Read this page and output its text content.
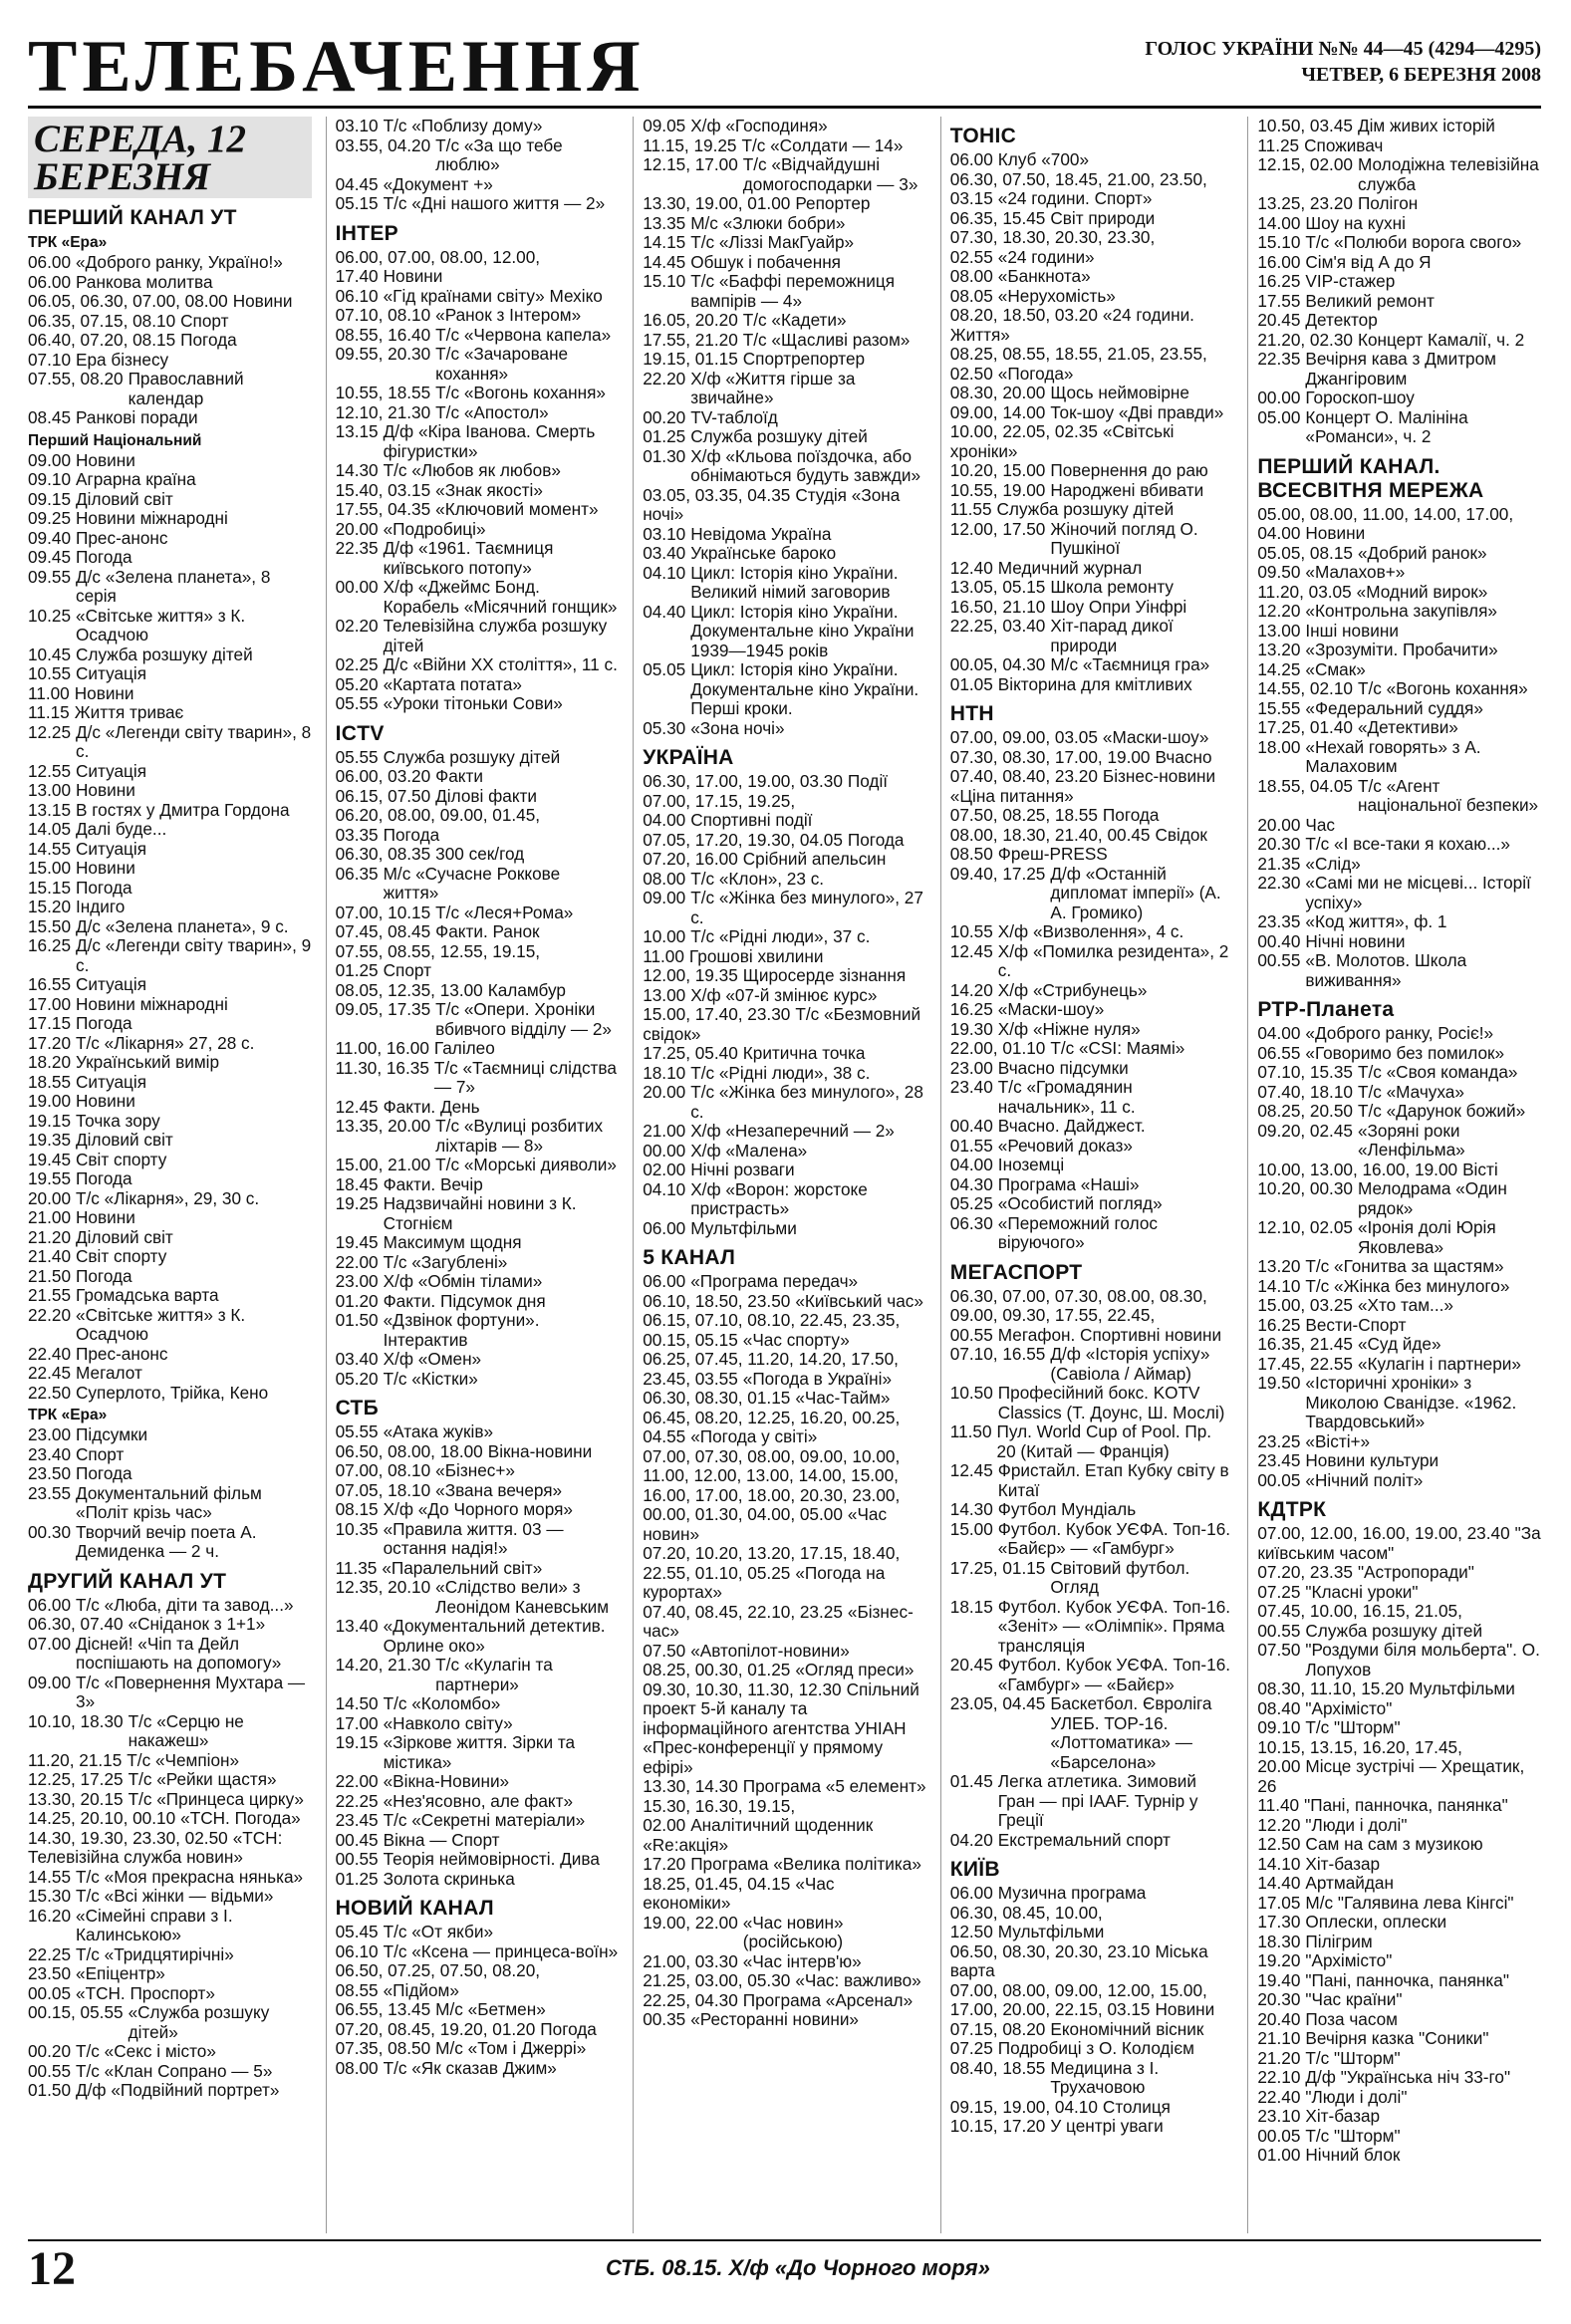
ТЕЛЕБАЧЕННЯ	ГОЛОС УКРАЇНИ №№ 44—45 (4294—4295)
ЧЕТВЕР, 6 БЕРЕЗНЯ 2008
СЕРЕДА, 12 БЕРЕЗНЯ
ПЕРШИЙ КАНАЛ УТ
ТРК «Ера»
06.00 «Доброго ранку, Україно!»
06.00 Ранкова молитва
06.05, 06.30, 07.00, 08.00 Новини
06.35, 07.15, 08.10 Спорт
06.40, 07.20, 08.15 Погода
07.10 Ера бізнесу
07.55, 08.20 Православний календар
08.45 Ранкові поради
Перший Національний
09.00 Новини
09.10 Аграрна країна
09.15 Діловий світ
09.25 Новини міжнародні
09.40 Прес-анонс
09.45 Погода
09.55 Д/с «Зелена планета», 8 серія
10.25 «Світське життя» з К. Осадчою
10.45 Служба розшуку дітей
10.55 Ситуація
11.00 Новини
11.15 Життя триває
12.25 Д/с «Легенди світу тварин», 8 с.
12.55 Ситуація
13.00 Новини
13.15 В гостях у Дмитра Гордона
14.05 Далі буде...
14.55 Ситуація
15.00 Новини
15.15 Погода
15.20 Індиго
15.50 Д/с «Зелена планета», 9 с.
16.25 Д/с «Легенди світу тварин», 9 с.
16.55 Ситуація
17.00 Новини міжнародні
17.15 Погода
17.20 Т/с «Лікарня» 27, 28 с.
18.20 Український вимір
18.55 Ситуація
19.00 Новини
19.15 Точка зору
19.35 Діловий світ
19.45 Світ спорту
19.55 Погода
20.00 Т/с «Лікарня», 29, 30 с.
21.00 Новини
21.20 Діловий світ
21.40 Світ спорту
21.50 Погода
21.55 Громадська варта
22.20 «Світське життя» з К. Осадчою
22.40 Прес-анонс
22.45 Мегалот
22.50 Суперлото, Трійка, Кено
ТРК «Ера»
23.00 Підсумки
23.40 Спорт
23.50 Погода
23.55 Документальний фільм «Політ крізь час»
00.30 Творчий вечір поета А. Демиденка — 2 ч.
ДРУГИЙ КАНАЛ УТ
06.00 Т/с «Люба, діти та завод...»
06.30, 07.40 «Сніданок з 1+1»
07.00 Дісней! «Чіп та Дейл поспішають на допомогу»
09.00 Т/с «Повернення Мухтара — 3»
10.10, 18.30 Т/с «Серцю не накажеш»
11.20, 21.15 Т/с «Чемпіон»
12.25, 17.25 Т/с «Рейки щастя»
13.30, 20.15 Т/с «Принцеса цирку»
14.25, 20.10, 00.10 «ТСН. Погода»
14.30, 19.30, 23.30, 02.50 «ТСН: Телевізійна служба новин»
14.55 Т/с «Моя прекрасна нянька»
15.30 Т/с «Всі жінки — відьми»
16.20 «Сімейні справи з І. Калинською»
22.25 Т/с «Тридцятирічні»
23.50 «Епіцентр»
00.05 «ТСН. Проспорт»
00.15, 05.55 «Служба розшуку дітей»
00.20 Т/с «Секс і місто»
00.55 Т/с «Клан Сопрано — 5»
01.50 Д/ф «Подвійний портрет»
03.10 Т/с «Поблизу дому»
03.55, 04.20 Т/с «За що тебе люблю»
04.45 «Документ +»
05.15 Т/с «Дні нашого життя — 2»
ІНТЕР
06.00, 07.00, 08.00, 12.00, 17.40 Новини
06.10 «Гід країнами світу» Мехіко
07.10, 08.10 «Ранок з Інтером»
08.55, 16.40 Т/с «Червона капела»
09.55, 20.30 Т/с «Зачароване кохання»
10.55, 18.55 Т/с «Вогонь кохання»
12.10, 21.30 Т/с «Апостол»
13.15 Д/ф «Кіра Іванова. Смерть фігуристки»
14.30 Т/с «Любов як любов»
15.40, 03.15 «Знак якості»
17.55, 04.35 «Ключовий момент»
20.00 «Подробиці»
22.35 Д/ф «1961. Таємниця київського потопу»
00.00 Х/ф «Джеймс Бонд. Корабель «Місячний гонщик»
02.20 Телевізійна служба розшуку дітей
02.25 Д/с «Війни XX століття», 11 с.
05.20 «Картата потата»
05.55 «Уроки тітоньки Сови»
ICTV
05.55 Служба розшуку дітей
06.00, 03.20 Факти
06.15, 07.50 Ділові факти
06.20, 08.00, 09.00, 01.45, 03.35 Погода
06.30, 08.35 300 сек/год
06.35 М/с «Сучасне Роккове життя»
07.00, 10.15 Т/с «Леся+Рома»
07.45, 08.45 Факти. Ранок
07.55, 08.55, 12.55, 19.15, 01.25 Спорт
08.05, 12.35, 13.00 Каламбур
09.05, 17.35 Т/с «Опери. Хроніки вбивчого відділу — 2»
11.00, 16.00 Галілео
11.30, 16.35 Т/с «Таємниці слідства — 7»
12.45 Факти. День
13.35, 20.00 Т/с «Вулиці розбитих ліхтарів — 8»
15.00, 21.00 Т/с «Морські дияволи»
18.45 Факти. Вечір
19.25 Надзвичайні новини з К. Стогнієм
19.45 Максимум щодня
22.00 Т/с «Загублені»
23.00 Х/ф «Обмін тілами»
01.20 Факти. Підсумок дня
01.50 «Дзвінок фортуни». Інтерактив
03.40 Х/ф «Омен»
05.20 Т/с «Кістки»
СТБ
05.55 «Атака жуків»
06.50, 08.00, 18.00 Вікна-новини
07.00, 08.10 «Бізнес+»
07.05, 18.10 «Звана вечеря»
08.15 Х/ф «До Чорного моря»
10.35 «Правила життя. 03 — остання надія!»
11.35 «Паралельний світ»
12.35, 20.10 «Слідство вели» з Леонідом Каневським
13.40 «Документальний детектив. Орлине око»
14.20, 21.30 Т/с «Кулагін та партнери»
14.50 Т/с «Коломбо»
17.00 «Навколо світу»
19.15 «Зіркове життя. Зірки та містика»
22.00 «Вікна-Новини»
22.25 «Нез'ясовно, але факт»
23.45 Т/с «Секретні матеріали»
00.45 Вікна — Спорт
00.55 Теорія неймовірності. Дива
01.25 Золота скринька
НОВИЙ КАНАЛ
05.45 Т/с «От якби»
06.10 Т/с «Ксена — принцеса-воїн»
06.50, 07.25, 07.50, 08.20, 08.55 «Підйом»
06.55, 13.45 М/с «Бетмен»
07.20, 08.45, 19.20, 01.20 Погода
07.35, 08.50 М/с «Том і Джеррі»
08.00 Т/с «Як сказав Джим»
09.05 Х/ф «Господиня»
11.15, 19.25 Т/с «Солдати — 14»
12.15, 17.00 Т/с «Відчайдушні домогосподарки — 3»
13.30, 19.00, 01.00 Репортер
13.35 М/с «Злюки бобри»
14.15 Т/с «Ліззі МакГуайр»
14.45 Обшук і побачення
15.10 Т/с «Баффі переможниця вампірів — 4»
16.05, 20.20 Т/с «Кадети»
17.55, 21.20 Т/с «Щасливі разом»
19.15, 01.15 Спортрепортер
22.20 Х/ф «Життя гірше за звичайне»
00.20 TV-таблоїд
01.25 Служба розшуку дітей
01.30 Х/ф «Кльова поїздочка, або обнімаються будуть завжди»
03.05, 03.35, 04.35 Студія «Зона ночі»
03.10 Невідома Україна
03.40 Українське бароко
04.10 Цикл: Історія кіно України. Великий німий заговорив
04.40 Цикл: Історія кіно України. Документальне кіно України 1939—1945 років
05.05 Цикл: Історія кіно України. Документальне кіно України. Перші кроки.
05.30 «Зона ночі»
УКРАЇНА
06.30, 17.00, 19.00, 03.30 Події
07.00, 17.15, 19.25, 04.00 Спортивні події
07.05, 17.20, 19.30, 04.05 Погода
07.20, 16.00 Срібний апельсин
08.00 Т/с «Клон», 23 с.
09.00 Т/с «Жінка без минулого», 27 с.
10.00 Т/с «Рідні люди», 37 с.
11.00 Грошові хвилини
12.00, 19.35 Щиросерде зізнання
13.00 Х/ф «07-й змінює курс»
15.00, 17.40, 23.30 Т/с «Безмовний свідок»
17.25, 05.40 Критична точка
18.10 Т/с «Рідні люди», 38 с.
20.00 Т/с «Жінка без минулого», 28 с.
21.00 Х/ф «Незаперечний — 2»
00.00 Х/ф «Малена»
02.00 Нічні розваги
04.10 Х/ф «Ворон: жорстоке пристрасть»
06.00 Мультфільми
5 КАНАЛ
06.00 «Програма передач»
06.10, 18.50, 23.50 «Київський час»
06.15, 07.10, 08.10, 22.45, 23.35, 00.15, 05.15 «Час спорту»
06.25, 07.45, 11.20, 14.20, 17.50, 23.45, 03.55 «Погода в Україні»
06.30, 08.30, 01.15 «Час-Тайм»
06.45, 08.20, 12.25, 16.20, 00.25, 04.55 «Погода у світі»
07.00, 07.30, 08.00, 09.00, 10.00, 11.00, 12.00, 13.00, 14.00, 15.00, 16.00, 17.00, 18.00, 20.30, 23.00, 00.00, 01.30, 04.00, 05.00 «Час новин»
07.20, 10.20, 13.20, 17.15, 18.40, 22.55, 01.10, 05.25 «Погода на курортах»
07.40, 08.45, 22.10, 23.25 «Бізнес-час»
07.50 «Автопілот-новини»
08.25, 00.30, 01.25 «Огляд преси»
09.30, 10.30, 11.30, 12.30 Спільний проект 5-й каналу та інформаційного агентства УНІАН «Прес-конференції у прямому ефірі»
13.30, 14.30 Програма «5 елемент»
15.30, 16.30, 19.15, 02.00 Аналітичний щоденник «Re:акція»
17.20 Програма «Велика політика»
18.25, 01.45, 04.15 «Час економіки»
19.00, 22.00 «Час новин» (російською)
21.00, 03.30 «Час інтерв'ю»
21.25, 03.00, 05.30 «Час: важливо»
22.25, 04.30 Програма «Арсенал»
00.35 «Ресторанні новини»
ТОНІС
06.00 Клуб «700»
06.30, 07.50, 18.45, 21.00, 23.50, 03.15 «24 години. Спорт»
06.35, 15.45 Світ природи
07.30, 18.30, 20.30, 23.30, 02.55 «24 години»
08.00 «Банкнота»
08.05 «Нерухомість»
08.20, 18.50, 03.20 «24 години. Життя»
08.25, 08.55, 18.55, 21.05, 23.55, 02.50 «Погода»
08.30, 20.00 Щось неймовірне
09.00, 14.00 Ток-шоу «Дві правди»
10.00, 22.05, 02.35 «Світські хроніки»
10.20, 15.00 Повернення до раю
10.55, 19.00 Народжені вбивати
11.55 Служба розшуку дітей
12.00, 17.50 Жіночий погляд О. Пушкіної
12.40 Медичний журнал
13.05, 05.15 Школа ремонту
16.50, 21.10 Шоу Опри Уінфрі
22.25, 03.40 Хіт-парад дикої природи
00.05, 04.30 М/с «Таємниця гра»
01.05 Вікторина для кмітливих
НТН
07.00, 09.00, 03.05 «Маски-шоу»
07.30, 08.30, 17.00, 19.00 Вчасно
07.40, 08.40, 23.20 Бізнес-новини «Ціна питання»
07.50, 08.25, 18.55 Погода
08.00, 18.30, 21.40, 00.45 Свідок
08.50 Фреш-PRESS
09.40, 17.25 Д/ф «Останній дипломат імперії» (А. А. Громико)
10.55 Х/ф «Визволення», 4 с.
12.45 Х/ф «Помилка резидента», 2 с.
14.20 Х/ф «Стрибунець»
16.25 «Маски-шоу»
19.30 Х/ф «Ніжне нуля»
22.00, 01.10 Т/с «CSI: Маямі»
23.00 Вчасно підсумки
23.40 Т/с «Громадянин начальник», 11 с.
00.40 Вчасно. Дайджест.
01.55 «Речовий доказ»
04.00 Іноземці
04.30 Програма «Наші»
05.25 «Особистий погляд»
06.30 «Переможний голос віруючого»
МЕГАСПОРТ
06.30, 07.00, 07.30, 08.00, 08.30, 09.00, 09.30, 17.55, 22.45, 00.55 Мегафон. Спортивні новини
07.10, 16.55 Д/ф «Історія успіху» (Савіола / Аймар)
10.50 Професійний бокс. KOTV Classics (Т. Доунс, Ш. Мослі)
11.50 Пул. World Cup of Pool. Пр. 20 (Китай — Франція)
12.45 Фристайл. Етап Кубку світу в Китаї
14.30 Футбол Мундіаль
15.00 Футбол. Кубок УЄФА. Топ-16. «Байєр» — «Гамбург»
17.25, 01.15 Світовий футбол. Огляд
18.15 Футбол. Кубок УЄФА. Топ-16. «Зеніт» — «Олімпік». Пряма трансляція
20.45 Футбол. Кубок УЄФА. Топ-16. «Гамбург» — «Байєр»
23.05, 04.45 Баскетбол. Євроліга УЛЕБ. ТОР-16. «Лоттоматика» — «Барселона»
01.45 Легка атлетика. Зимовий Гран — прі IAAF. Турнір у Греції
04.20 Екстремальний спорт
КИЇВ
06.00 Музична програма
06.30, 08.45, 10.00, 12.50 Мультфільми
06.50, 08.30, 20.30, 23.10 Міська варта
07.00, 08.00, 09.00, 12.00, 15.00, 17.00, 20.00, 22.15, 03.15 Новини
07.15, 08.20 Економічний вісник
07.25 Подробиці з О. Колодієм
08.40, 18.55 Медицина з І. Трухачовою
09.15, 19.00, 04.10 Столиця
10.15, 17.20 У центрі уваги
10.50, 03.45 Дім живих історій
11.25 Споживач
12.15, 02.00 Молодіжна телевізійна служба
13.25, 23.20 Полігон
14.00 Шоу на кухні
15.10 Т/с «Полюби ворога свого»
16.00 Сім'я від А до Я
16.25 VIP-стажер
17.55 Великий ремонт
20.45 Детектор
21.20, 02.30 Концерт Камалії, ч. 2
22.35 Вечірня кава з Дмитром Джангіровим
00.00 Гороскоп-шоу
05.00 Концерт О. Малініна «Романси», ч. 2
ПЕРШИЙ КАНАЛ. ВСЕСВІТНЯ МЕРЕЖА
05.00, 08.00, 11.00, 14.00, 17.00, 04.00 Новини
05.05, 08.15 «Добрий ранок»
09.50 «Малахов+»
11.20, 03.05 «Модний вирок»
12.20 «Контрольна закупівля»
13.00 Інші новини
13.20 «Зрозуміти. Пробачити»
14.25 «Смак»
14.55, 02.10 Т/с «Вогонь кохання»
15.55 «Федеральний суддя»
17.25, 01.40 «Детективи»
18.00 «Нехай говорять» з А. Малаховим
18.55, 04.05 Т/с «Агент національної безпеки»
20.00 Час
20.30 Т/с «І все-таки я кохаю...»
21.35 «Слід»
22.30 «Самі ми не місцеві... Історії успіху»
23.35 «Код життя», ф. 1
00.40 Нічні новини
00.55 «В. Молотов. Школа виживання»
РТР-Планета
04.00 «Доброго ранку, Росіє!»
06.55 «Говоримо без помилок»
07.10, 15.35 Т/с «Своя команда»
07.40, 18.10 Т/с «Мачуха»
08.25, 20.50 Т/с «Дарунок божий»
09.20, 02.45 «Зоряні роки «Ленфільма»
10.00, 13.00, 16.00, 19.00 Вісті
10.20, 00.30 Мелодрама «Один рядок»
12.10, 02.05 «Іронія долі Юрія Яковлева»
13.20 Т/с «Гонитва за щастям»
14.10 Т/с «Жінка без минулого»
15.00, 03.25 «Хто там...»
16.25 Вести-Спорт
16.35, 21.45 «Суд йде»
17.45, 22.55 «Кулагін і партнери»
19.50 «Історичні хроніки» з Миколою Сванідзе. «1962. Твардовський»
23.25 «Вісті+»
23.45 Новини культури
00.05 «Нічний політ»
КДТРК
07.00, 12.00, 16.00, 19.00, 23.40 "За київським часом"
07.20, 23.35 "Астропоради"
07.25 "Класні уроки"
07.45, 10.00, 16.15, 21.05, 00.55 Служба розшуку дітей
07.50 "Роздуми біля мольберта". О. Лопухов
08.30, 11.10, 15.20 Мультфільми
08.40 "Архімісто"
09.10 Т/с "Шторм"
10.15, 13.15, 16.20, 17.45, 20.00 Місце зустрічі — Хрещатик, 26
11.40 "Пані, панночка, панянка"
12.20 "Люди і долі"
12.50 Сам на сам з музикою
14.10 Хіт-базар
14.40 Артмайдан
17.05 М/с "Галявина левa Кінгсі"
17.30 Оплески, оплески
18.30 Пілігрим
19.20 "Архімісто"
19.40 "Пані, панночка, панянка"
20.30 "Час країни"
20.40 Поза часом
21.10 Вечірня казка "Соники"
21.20 Т/с "Шторм"
22.10 Д/ф "Українська ніч 33-го"
22.40 "Люди і долі"
23.10 Хіт-базар
00.05 Т/с "Шторм"
01.00 Нічний блок
12	СТБ. 08.15. Х/ф «До Чорного моря»
